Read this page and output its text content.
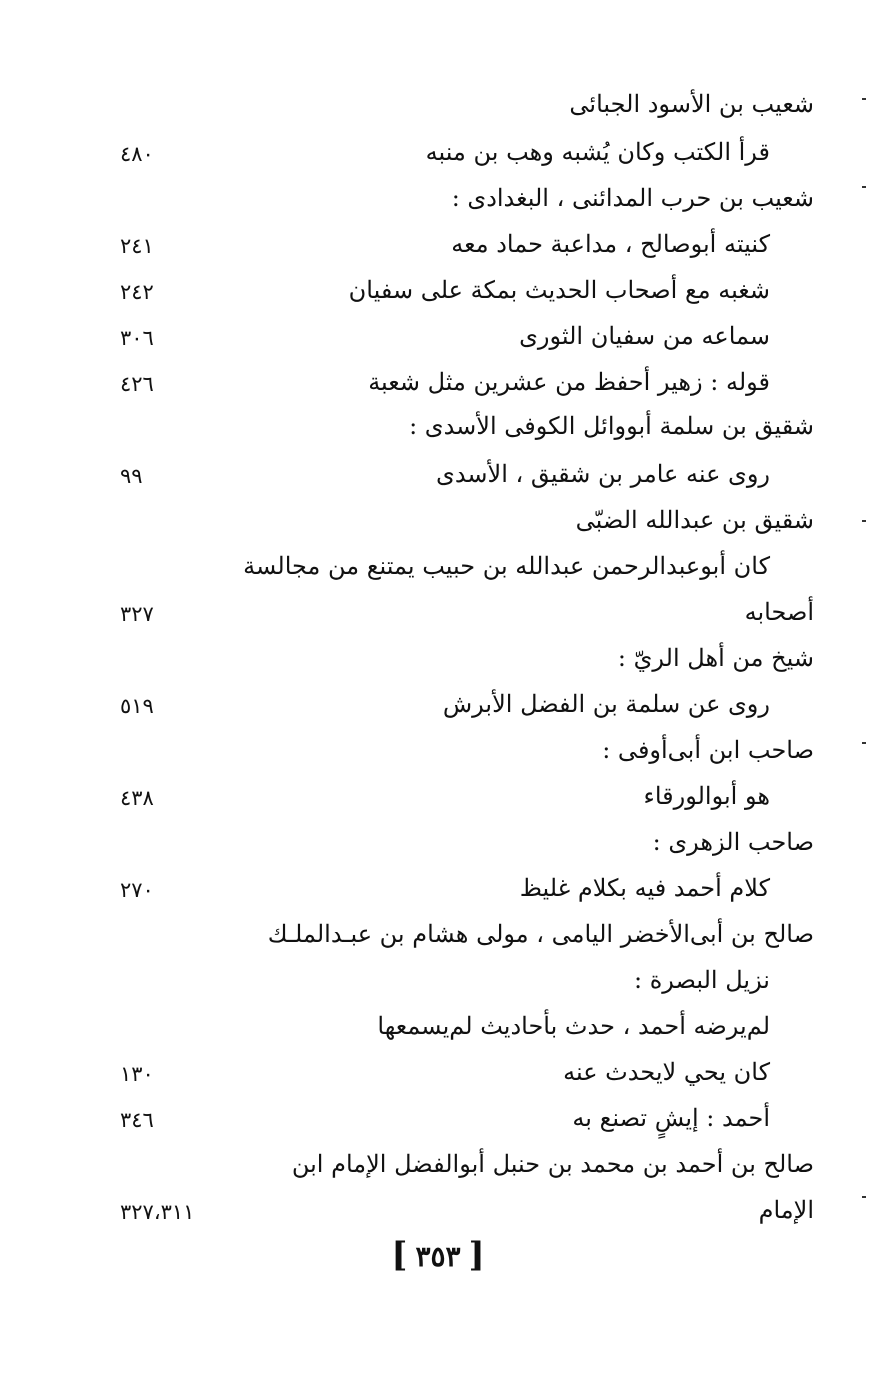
شعيب بن الأسود الجبائى
قرأ الكتب وكان يُشبه وهب بن منبه
٤٨٠
شعيب بن حرب المدائنى ، البغدادى :
كنيته أبوصالح ، مداعبة حماد معه
٢٤١
شغبه مع أصحاب الحديث بمكة على سفيان
٢٤٢
سماعه من سفيان الثورى
٣٠٦
قوله : زهير أحفظ من عشرين مثل شعبة
٤٢٦
شقيق بن سلمة أبووائل الكوفى الأسدى :
روى عنه عامر بن شقيق ، الأسدى
٩٩
شقيق بن عبدالله الضبّى
كان أبوعبدالرحمن عبدالله بن حبيب يمتنع من مجالسة
أصحابه
٣٢٧
شيخ من أهل الريّ :
روى عن سلمة بن الفضل الأبرش
٥١٩
صاحب ابن أبى‌أوفى :
هو أبوالورقاء
٤٣٨
صاحب الزهرى :
كلام أحمد فيه بكلام غليظ
٢٧٠
صالح بن أبى‌الأخضر اليامى ، مولى هشام بن عبـدالملـك
نزيل البصرة :
لم‌يرضه أحمد ، حدث بأحاديث لم‌يسمعها
كان يحي لايحدث عنه
١٣٠
أحمد : إيشٍ تصنع به
٣٤٦
صالح بن أحمد بن محمد بن حنبل أبوالفضل الإمام ابن
الإمام
٣٢٧،٣١١
[٣٥٣]
